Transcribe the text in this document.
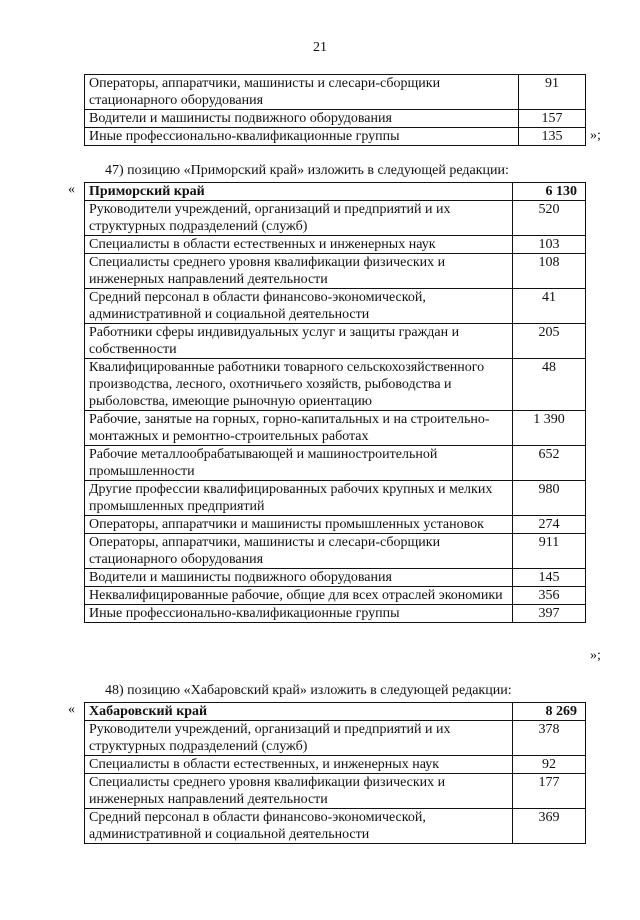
21
Операторы, аппаратчики, машинисты и слесари-сборщики стационарного оборудования	91
Водители и машинисты подвижного оборудования	157
Иные профессионально-квалификационные группы	135 »;
47) позицию «Приморский край» изложить в следующей редакции:
« Приморский край	6 130
Руководители учреждений, организаций и предприятий и их структурных подразделений (служб)	520
Специалисты в области естественных и инженерных наук	103
Специалисты среднего уровня квалификации физических и инженерных направлений деятельности	108
Средний персонал в области финансово-экономической, административной и социальной деятельности	41
Работники сферы индивидуальных услуг и защиты граждан и собственности	205
Квалифицированные работники товарного сельскохозяйственного производства, лесного, охотничьего хозяйств, рыбоводства и рыболовства, имеющие рыночную ориентацию	48
Рабочие, занятые на горных, горно-капитальных и на строительно-монтажных и ремонтно-строительных работах	1 390
Рабочие металлообрабатывающей и машиностроительной промышленности	652
Другие профессии квалифицированных рабочих крупных и мелких промышленных предприятий	980
Операторы, аппаратчики и машинисты промышленных установок	274
Операторы, аппаратчики, машинисты и слесари-сборщики стационарного оборудования	911
Водители и машинисты подвижного оборудования	145
Неквалифицированные рабочие, общие для всех отраслей экономики	356
Иные профессионально-квалификационные группы	397
»;
48) позицию «Хабаровский край» изложить в следующей редакции:
« Хабаровский край	8 269
Руководители учреждений, организаций и предприятий и их структурных подразделений (служб)	378
Специалисты в области естественных, и инженерных наук	92
Специалисты среднего уровня квалификации физических и инженерных направлений деятельности	177
Средний персонал в области финансово-экономической, административной и социальной деятельности	369
